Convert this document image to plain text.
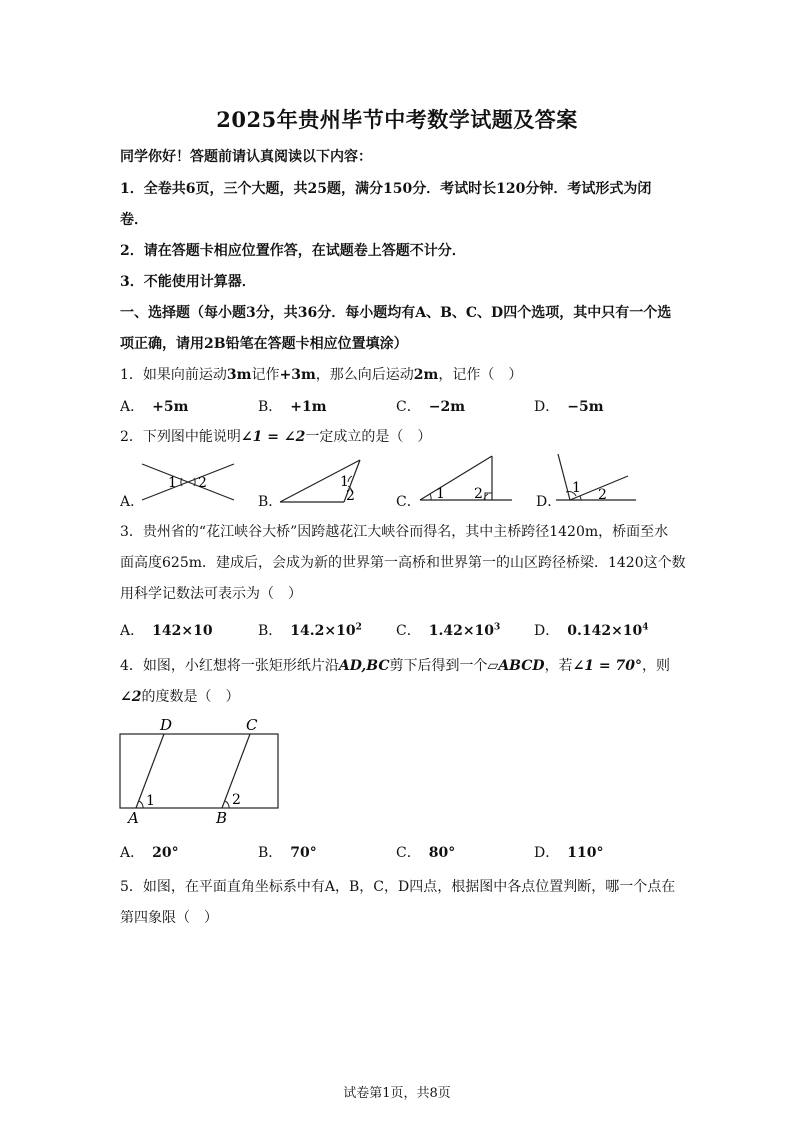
2025年贵州毕节中考数学试题及答案
同学你好！答题前请认真阅读以下内容：
1．全卷共6页，三个大题，共25题，满分150分．考试时长120分钟．考试形式为闭
卷．
2．请在答题卡相应位置作答，在试题卷上答题不计分．
3．不能使用计算器．
一、选择题（每小题3分，共36分．每小题均有A、B、C、D四个选项，其中只有一个选
项正确，请用2B铅笔在答题卡相应位置填涂）
1．如果向前运动3m记作+3m，那么向后运动2m，记作（　）
A． +5m	B． +1m	C． −2m	D． −5m
2．下列图中能说明∠1 = ∠2一定成立的是（　）
A．
1 2
B．
1
2	C． 1 2	D．
1 2
3．贵州省的“花江峡谷大桥”因跨越花江大峡谷而得名，其中主桥跨径1420m，桥面至水
面高度625m．建成后，会成为新的世界第一高桥和世界第一的山区跨径桥梁．1420这个数
用科学记数法可表示为（　）
A． 142×10	B． $14.2\times 10^2$ C． $1.42\times 10^3$ D． $0.142\times 10^4$
4．如图，小红想将一张矩形纸片沿AD,BC剪下后得到一个▱ABCD，若∠1 = 70°，则
∠2的度数是（　）
D	C
A	B
1	2
A． 20°	B． 70°	C． 80°	D． 110°
5．如图，在平面直角坐标系中有A，B，C，D四点，根据图中各点位置判断，哪一个点在
第四象限（　）
试卷第1页，共8页
